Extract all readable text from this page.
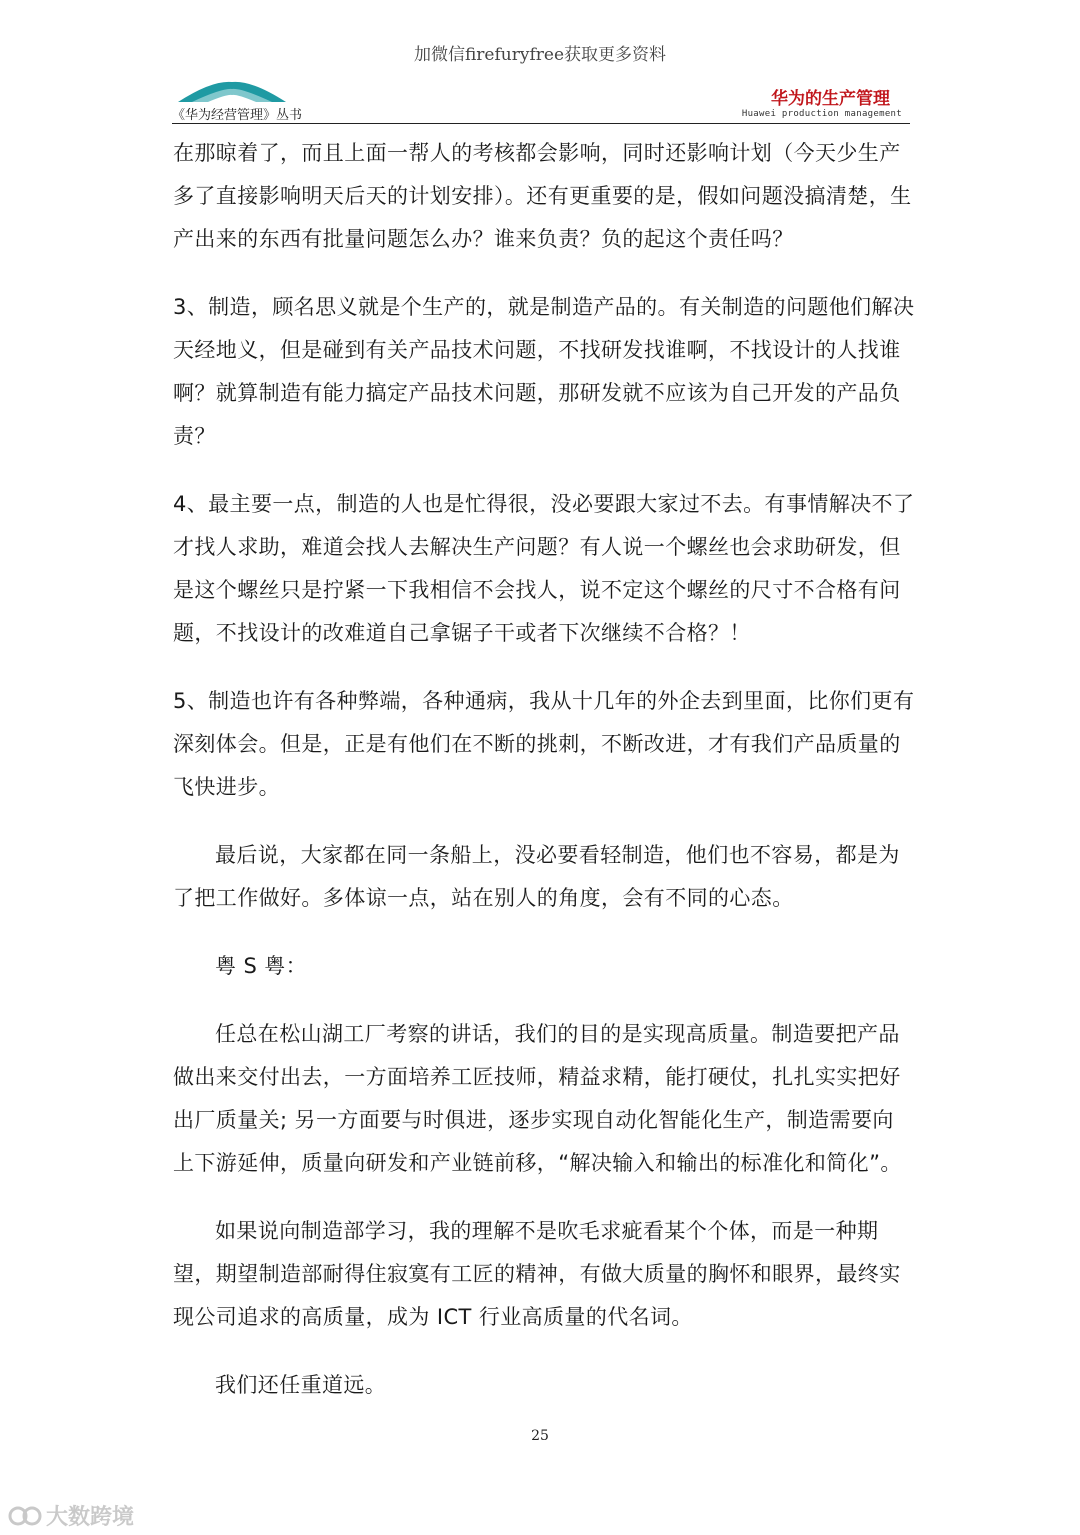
加微信firefuryfree获取更多资料
《华为经营管理》丛书
华为的生产管理
Huawei production management

在那晾着了，而且上面一帮人的考核都会影响，同时还影响计划（今天少生产多了直接影响明天后天的计划安排）。还有更重要的是，假如问题没搞清楚，生产出来的东西有批量问题怎么办？谁来负责？负的起这个责任吗？

3、制造，顾名思义就是个生产的，就是制造产品的。有关制造的问题他们解决天经地义，但是碰到有关产品技术问题，不找研发找谁啊，不找设计的人找谁啊？就算制造有能力搞定产品技术问题，那研发就不应该为自己开发的产品负责？

4、最主要一点，制造的人也是忙得很，没必要跟大家过不去。有事情解决不了才找人求助，难道会找人去解决生产问题？有人说一个螺丝也会求助研发，但是这个螺丝只是拧紧一下我相信不会找人，说不定这个螺丝的尺寸不合格有问题，不找设计的改难道自己拿锯子干或者下次继续不合格？！

5、制造也许有各种弊端，各种通病，我从十几年的外企去到里面，比你们更有深刻体会。但是，正是有他们在不断的挑刺，不断改进，才有我们产品质量的飞快进步。

最后说，大家都在同一条船上，没必要看轻制造，他们也不容易，都是为了把工作做好。多体谅一点，站在别人的角度，会有不同的心态。

粤 S 粤：

任总在松山湖工厂考察的讲话，我们的目的是实现高质量。制造要把产品做出来交付出去，一方面培养工匠技师，精益求精，能打硬仗，扎扎实实把好出厂质量关; 另一方面要与时俱进，逐步实现自动化智能化生产，制造需要向上下游延伸，质量向研发和产业链前移，“解决输入和输出的标准化和简化”。

如果说向制造部学习，我的理解不是吹毛求疵看某个个体，而是一种期望，期望制造部耐得住寂寞有工匠的精神，有做大质量的胸怀和眼界，最终实现公司追求的高质量，成为 ICT 行业高质量的代名词。

我们还任重道远。

25
大数跨境
